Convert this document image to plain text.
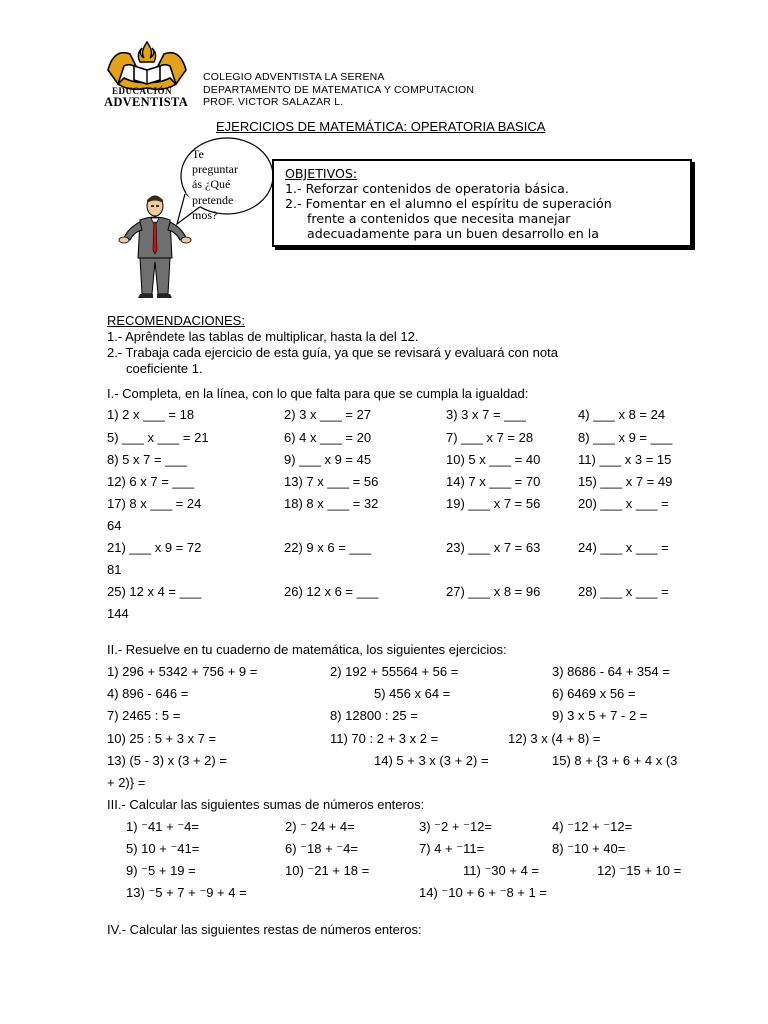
EDUCACIÓN
ADVENTISTA
COLEGIO ADVENTISTA LA SERENA
DEPARTAMENTO DE MATEMATICA Y COMPUTACION
PROF. VICTOR SALAZAR L.
EJERCICIOS DE MATEMÁTICA: OPERATORIA BASICA
Te
preguntar
ás ¿Qué
pretende
mos?
OBJETIVOS:
1.- Reforzar contenidos de operatoria básica.
2.- Fomentar en el alumno el espíritu de superación
frente a contenidos que necesita manejar
adecuadamente para un buen desarrollo en la
RECOMENDACIONES:
1.- Aprêndete las tablas de multiplicar, hasta la del 12.
2.- Trabaja cada ejercicio de esta guía, ya que se revisará y evaluará con nota
coeficiente 1.
I.- Completa, en la línea, con lo que falta para que se cumpla la igualdad:
1) 2 x ___ = 18	2) 3 x ___ = 27	3) 3 x 7 = ___	4) ___ x 8 = 24
5) ___ x ___ = 21	6) 4 x ___ = 20	7) ___ x 7 = 28	8) ___ x 9 = ___
8) 5 x 7 = ___	9) ___ x 9 = 45	10) 5 x ___ = 40	11) ___ x 3 = 15
12) 6 x 7 = ___	13) 7 x ___ = 56	14) 7 x ___ = 70	15) ___ x 7 = 49
17) 8 x ___ = 24	18) 8 x ___ = 32	19) ___ x 7 = 56	20) ___ x ___ =
64
21) ___ x 9 = 72	22) 9 x 6 = ___	23) ___ x 7 = 63	24) ___ x ___ =
81
25) 12 x 4 = ___	26) 12 x 6 = ___	27) ___ x 8 = 96	28) ___ x ___ =
144
II.- Resuelve en tu cuaderno de matemática, los siguientes ejercicios:
1) 296 + 5342 + 756 + 9 =	2) 192 + 55564 + 56 =	3) 8686 - 64 + 354 =
4) 896 - 646 =	5) 456 x 64 =	6) 6469 x 56 =
7) 2465 : 5 =	8) 12800 : 25 =	9) 3 x 5 + 7 - 2 =
10) 25 : 5 + 3 x 7 =	11) 70 : 2 + 3 x 2 =	12) 3 x (4 + 8) =
13) (5 - 3) x (3 + 2) =	14) 5 + 3 x (3 + 2) =	15) 8 + {3 + 6 + 4 x (3
+ 2)} =
III.- Calcular las siguientes sumas de números enteros:
1) ⁻41 + ⁻4=	2) ⁻ 24 + 4=	3) ⁻2 + ⁻12=	4) ⁻12 + ⁻12=
5) 10 + ⁻41=	6) ⁻18 + ⁻4=	7) 4 + ⁻11=	8) ⁻10 + 40=
9) ⁻5 + 19 =	10) ⁻21 + 18 =	11) ⁻30 + 4 =	12) ⁻15 + 10 =
13) ⁻5 + 7 + ⁻9 + 4 =	14) ⁻10 + 6 + ⁻8 + 1 =
IV.- Calcular las siguientes restas de números enteros:
